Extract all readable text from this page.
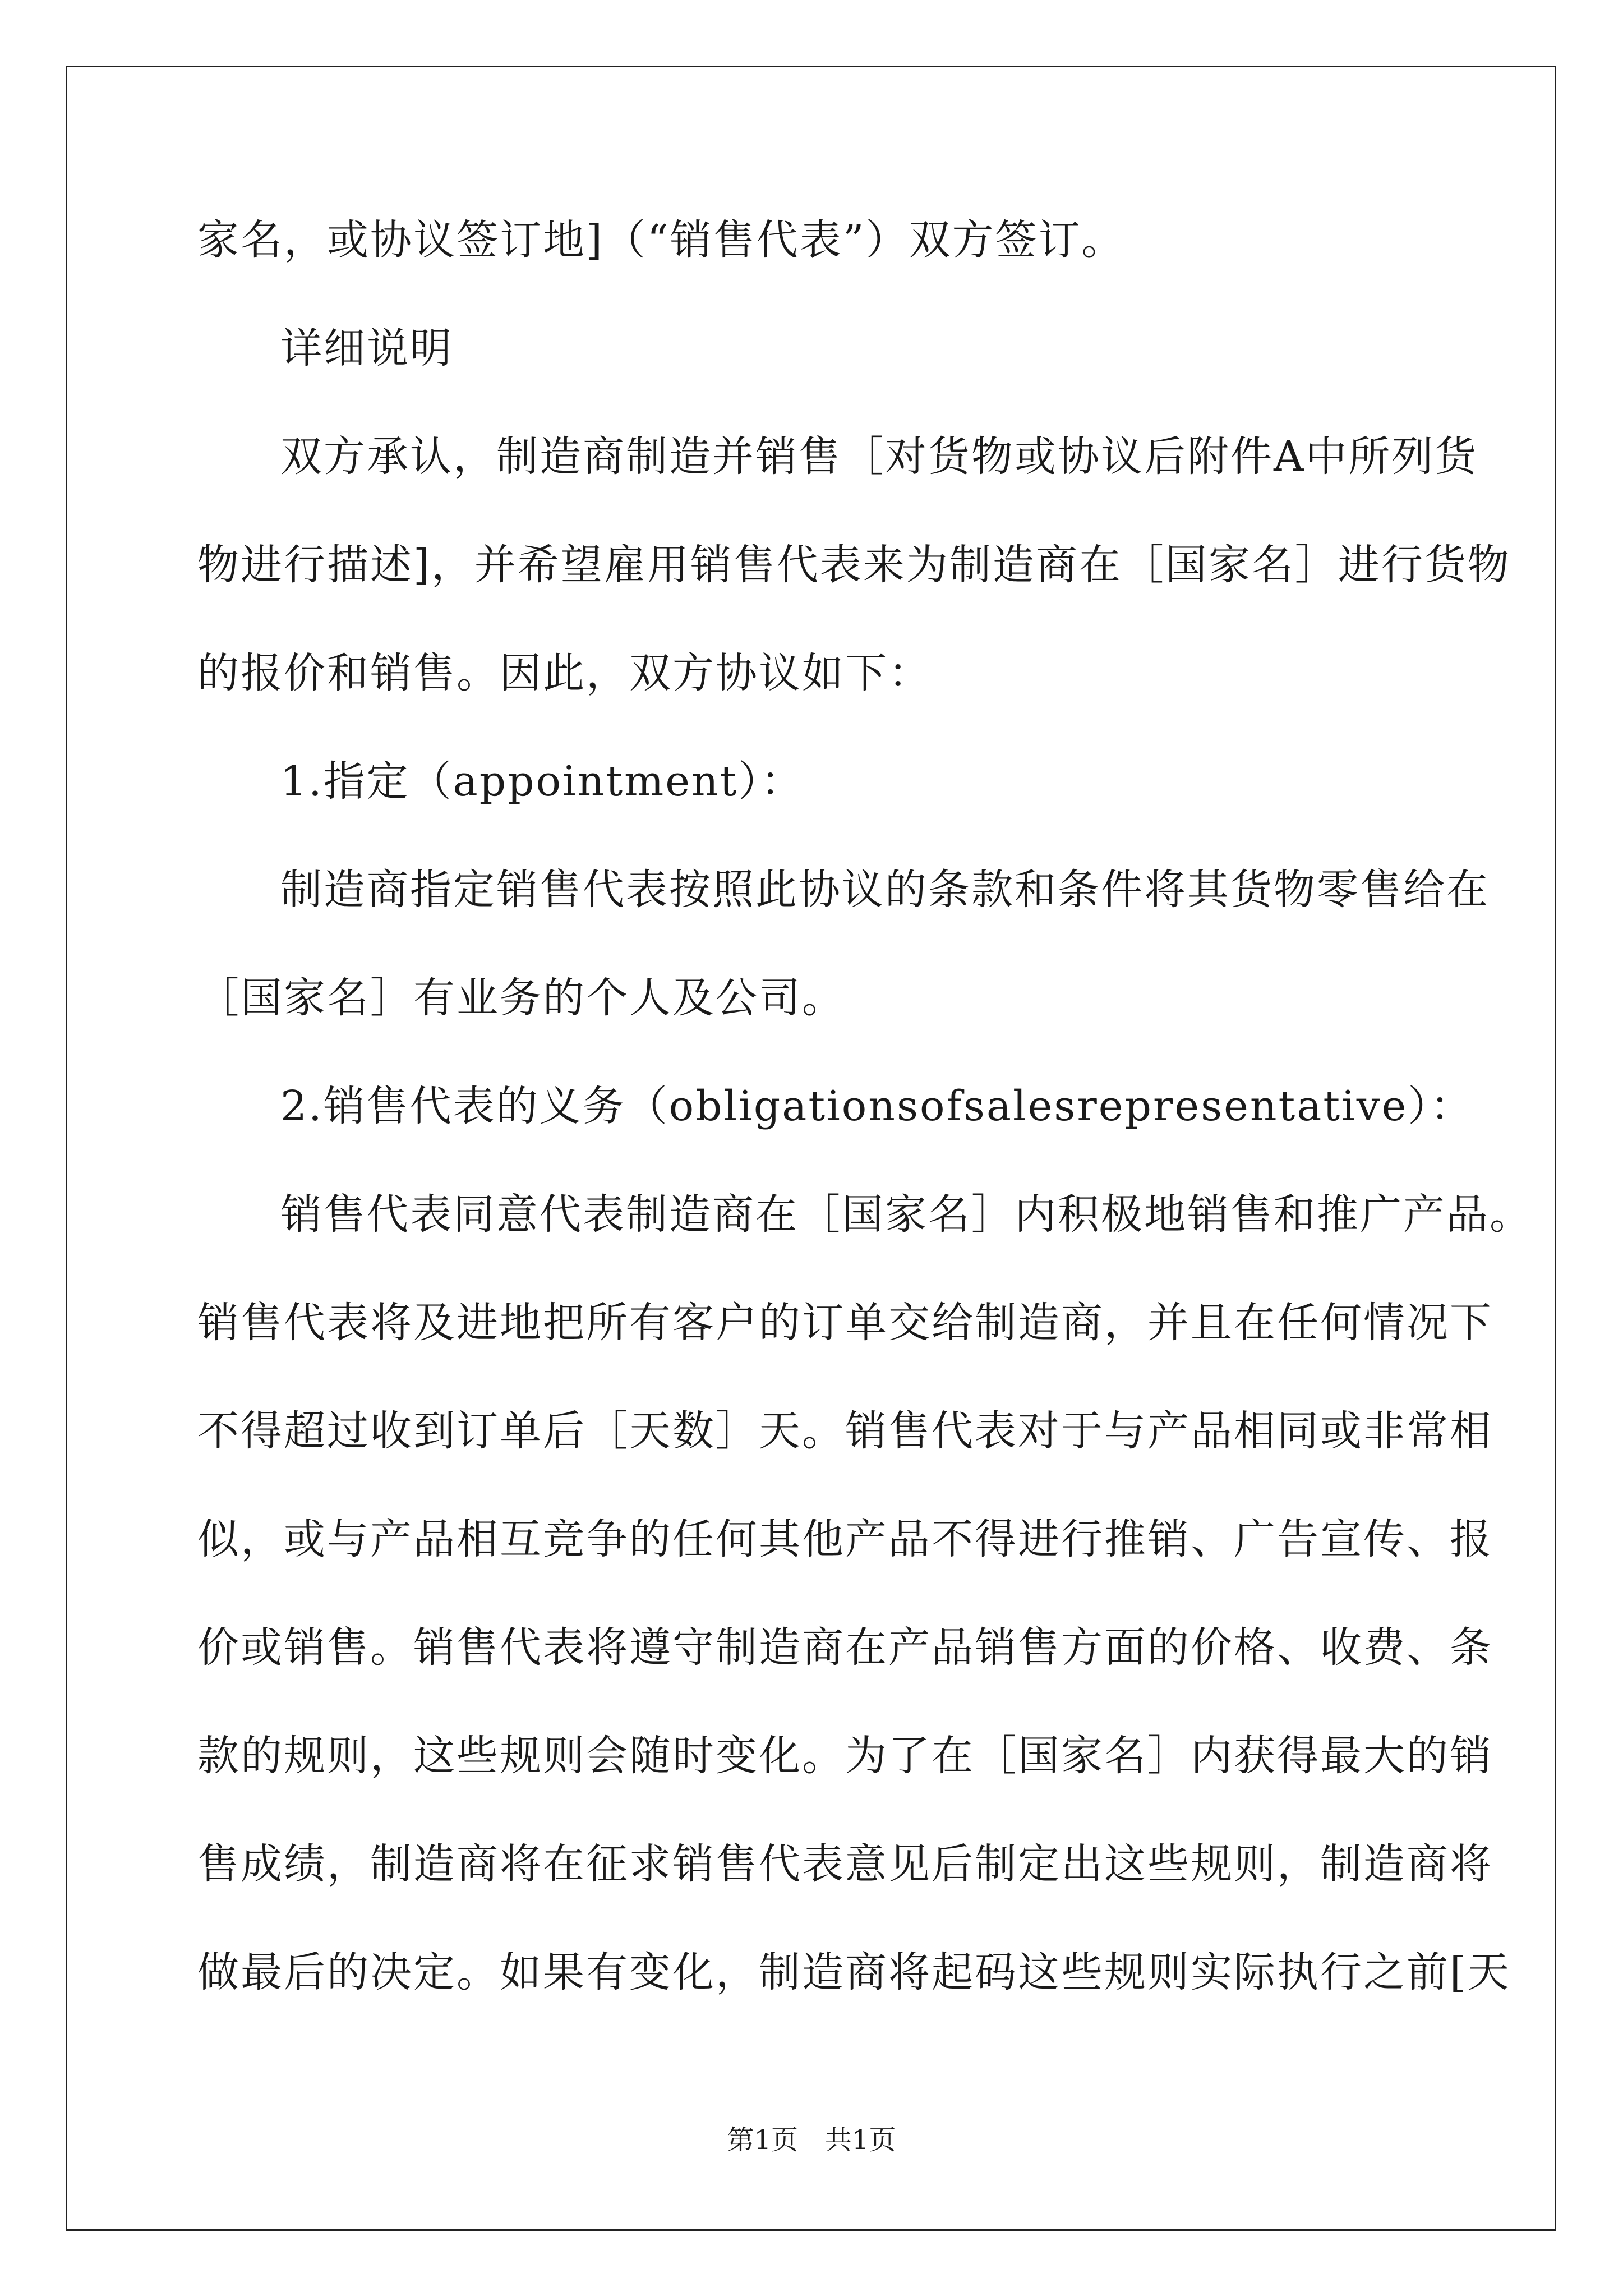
家名，或协议签订地]（“销售代表”）双方签订。
详细说明
双方承认，制造商制造并销售［对货物或协议后附件A中所列货
物进行描述]，并希望雇用销售代表来为制造商在［国家名］进行货物
的报价和销售。因此，双方协议如下：
1.指定（appointment）：
制造商指定销售代表按照此协议的条款和条件将其货物零售给在
［国家名］有业务的个人及公司。
2.销售代表的义务（obligationsofsalesrepresentative）：
销售代表同意代表制造商在［国家名］内积极地销售和推广产品。
销售代表将及进地把所有客户的订单交给制造商，并且在任何情况下
不得超过收到订单后［天数］天。销售代表对于与产品相同或非常相
似，或与产品相互竞争的任何其他产品不得进行推销、广告宣传、报
价或销售。销售代表将遵守制造商在产品销售方面的价格、收费、条
款的规则，这些规则会随时变化。为了在［国家名］内获得最大的销
售成绩，制造商将在征求销售代表意见后制定出这些规则，制造商将
做最后的决定。如果有变化，制造商将起码这些规则实际执行之前[天
第1页　共1页
